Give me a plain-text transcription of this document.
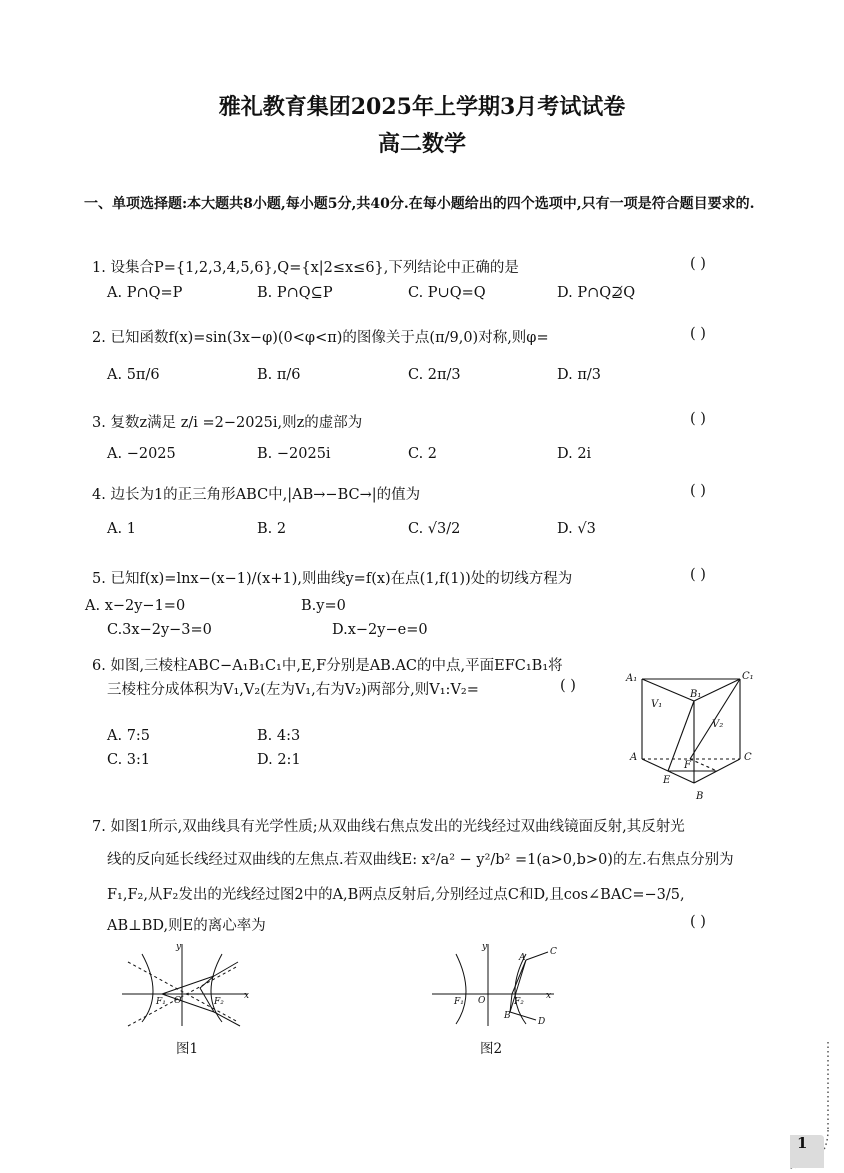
雅礼教育集团2025年上学期3月考试试卷
高二数学
一、单项选择题:本大题共8小题,每小题5分,共40分.在每小题给出的四个选项中,只有一项是符合题目要求的.
1. 设集合P={1,2,3,4,5,6},Q={x|2≤x≤6},下列结论中正确的是	( )
A. P∩Q=P	B. P∩Q⊆P	C. P∪Q=Q	D. P∩Q⊉Q
2. 已知函数f(x)=sin(3x−φ)(0<φ<π)的图像关于点(π/9,0)对称,则φ=	( )
A. 5π/6	B. π/6	C. 2π/3	D. π/3
3. 复数z满足 z/i =2−2025i,则z的虚部为	( )
A. −2025	B. −2025i	C. 2	D. 2i
4. 边长为1的正三角形ABC中,|AB→−BC→|的值为	( )
A. 1	B. 2	C. √3/2	D. √3
5. 已知f(x)=lnx−(x−1)/(x+1),则曲线y=f(x)在点(1,f(1))处的切线方程为	( )
A. x−2y−1=0	B.y=0
C.3x−2y−3=0	D.x−2y−e=0
6. 如图,三棱柱ABC−A₁B₁C₁中,E,F分别是AB.AC的中点,平面EFC₁B₁将
三棱柱分成体积为V₁,V₂(左为V₁,右为V₂)两部分,则V₁:V₂=	( )
A. 7:5	B. 4:3
C. 3:1	D. 2:1
A₁
B₁
C₁
V₁
V₂
A	C
E
F
B
7. 如图1所示,双曲线具有光学性质;从双曲线右焦点发出的光线经过双曲线镜面反射,其反射光
线的反向延长线经过双曲线的左焦点.若双曲线E: x²/a² − y²/b² =1(a>0,b>0)的左.右焦点分别为
F₁,F₂,从F₂发出的光线经过图2中的A,B两点反射后,分别经过点C和D,且cos∠BAC=−3/5,
AB⊥BD,则E的离心率为	( )
y
O
F₁	F₂
x
图1
y
O
F₁	F₂
x
A
B
C
D
图2
1
